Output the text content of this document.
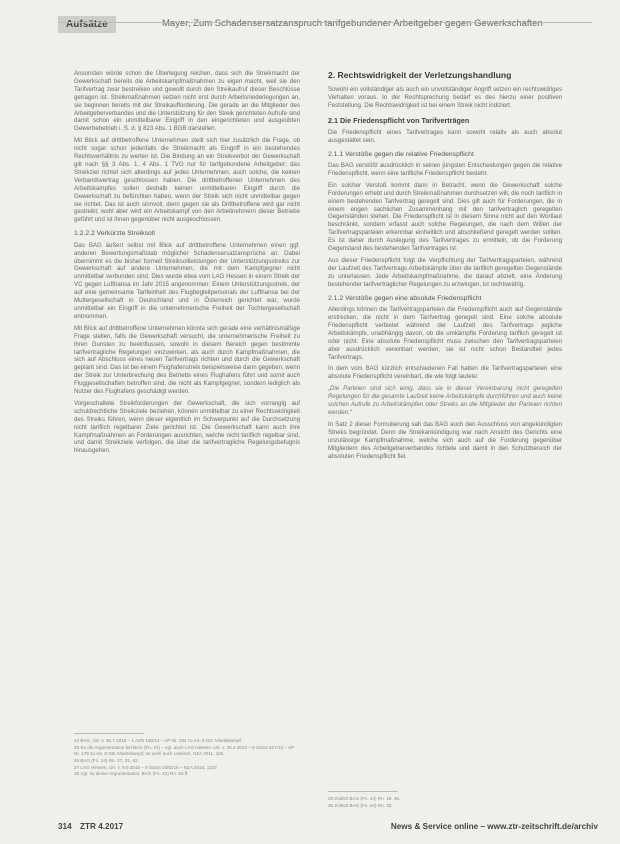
Aufsätze	Mayer, Zum Schadensersatzanspruch tarifgebundener Arbeitgeber gegen Gewerkschaften

Ansonsten würde schon die Überlegung reichen, dass sich die Streikmacht der Gewerkschaft bereits die Arbeitskampfmaßnahmen zu eigen macht, weil sie den Tarifvertrag zwar bestreiken und gewollt durch den Streikaufruf dieser Beschlüsse getragen ist. Streikmaßnahmen setzen nicht erst durch Arbeitsniederlegungen an, sie beginnen bereits mit der Streikaufforderung. Die gerade an die Mitglieder des Arbeitgeberverbandes und die Unterstützung für den Streik gerichteten Aufrufe sind damit schon ein unmittelbarer Eingriff in den eingerichteten und ausgeübten Gewerbebetrieb i. S. d. § 823 Abs. 1 BGB darstellen.

Mit Blick auf drittbetroffene Unternehmen stellt sich hier zusätzlich die Frage, ob nicht sogar schon jedenfalls die Streikmacht als Eingriff in ein bestehendes Rechtsverhältnis zu werten ist. Die Bindung an ein Streikverbot der Gewerkschaft gilt nach §§ 3 Abs. 1, 4 Abs. 1 TVG nur für tarifgebundene Arbeitgeber; das Streikziel richtet sich allerdings auf jedes Unternehmen, auch solche, die keinen Verbandsvertrag geschlossen haben. Die drittbetroffenen Unternehmen des Arbeitskampfes sollen deshalb keinen unmittelbaren Eingriff durch die Gewerkschaft zu befürchten haben, wenn der Streik sich nicht unmittelbar gegen sie richtet. Das ist auch sinnvoll, denn gegen sie als Drittbetroffene wird gar nicht gestreikt; wohl aber wird ein Arbeitskampf von den Arbeitnehmern dieser Betriebe geführt und ist ihnen gegenüber nicht ausgeschlossen.

1.2.2.2 Verkürzte Streiksoll

Das BAG äußert selbst mit Blick auf drittbetroffene Unternehmen einen ggf. anderen Bewertungsmaßstab möglicher Schadensersatzansprüche an. Dabei übernimmt es die bisher formell Streiksollleistungen der Unterstützungsstreiks zur Gewerkschaft auf andere Unternehmen, die mit dem Kampfgegner nicht unmittelbar verbunden sind. Dies wurde etwa vom LAG Hessen in einem Streik der VC gegen Lufthansa im Jahr 2015 angenommen: Einem Unterstützungsstreik, der auf eine gemeinsame Tarifeinheit des Flugbegleitpersonals der Lufthansa bei der Muttergesellschaft in Deutschland und in Österreich gerichtet war, wurde unmittelbar ein Eingriff in die unternehmerische Freiheit der Tochtergesellschaft entnommen.

Mit Blick auf drittbetroffene Unternehmen könnte sich gerade eine verhältnismäßige Frage stellen, falls die Gewerkschaft versucht, die unternehmerische Freiheit zu ihren Gunsten zu beeinflussen, sowohl in diesem Bereich gegen bestimmte tarifvertragliche Regelungen einzuwirken, als auch durch Kampfmaßnahmen, die sich auf Abschluss eines neuen Tarifvertrags richten und durch die Gewerkschaft geplant sind. Das ist bei einem Flughafenstreik beispielsweise dann gegeben, wenn der Streik zur Unterbrechung des Betriebs eines Flughafens führt und somit auch Fluggesellschaften betroffen sind, die nicht als Kampfgegner, sondern lediglich als Nutzer des Flughafens geschädigt werden.

Vorgeschaltete Streikforderungen der Gewerkschaft, die sich vorrangig auf schuldrechtliche Streikziele beziehen, können unmittelbar zu einer Rechtswidrigkeit des Streiks führen, wenn dieser eigentlich im Schwerpunkt auf die Durchsetzung nicht tariflich regelbarer Ziele gerichtet ist. Die Gewerkschaft kann auch ihre Kampfmaßnahmen an Forderungen ausrichten, welche nicht tariflich regelbar sind, und damit Streikziele verfolgen, die über die tarifvertragliche Regelungsbefugnis hinausgehen.

24 BAG, Urt. v. 26.7.2016 – 1 AZR 160/14 – AP Nr. 184 zu Art. 9 GG Arbeitskampf.
25 So die Argumentation bei BAG (Fn. 24) – vgl. auch LAG Hessen, Urt. v. 25.4.2013 – 9 SaGa 527/13 – AP Nr. 179 zu Art. 9 GG Arbeitskampf; so wohl auch Löwisch, NZA 2011, 105.
26 BAG (Fn. 24) Rn. 27, 31, 62.
27 LAG Hessen, Urt. v. 9.9.2015 – 9 SaGa 1082/15 – NZA 2015, 1337.
28 Vgl. zu dieser Argumentation: BAG (Fn. 24) Rn. 52 ff.
2. Rechtswidrigkeit der Verletzungshandlung

Sowohl ein vollständiger als auch ein unvollständiger Angriff setzen ein rechtswidriges Verhalten voraus. In der Rechtsprechung bedarf es des hierzu einer positiven Feststellung. Die Rechtswidrigkeit ist bei einem Streik nicht indiziert.

2.1 Die Friedenspflicht von Tarifverträgen

Die Friedenspflicht eines Tarifvertrages kann sowohl relativ als auch absolut ausgestaltet sein.

2.1.1 Verstöße gegen die relative Friedenspflicht

Das BAG verstößt ausdrücklich in seinen jüngsten Entscheidungen gegen die relative Friedenspflicht, wenn eine tarifliche Friedenspflicht besteht.

Ein solcher Verstoß kommt dann in Betracht, wenn die Gewerkschaft solche Forderungen erhebt und durch Streikmaßnahmen durchsetzen will, die noch tariflich in einem bestehenden Tarifvertrag geregelt sind. Dies gilt auch für Forderungen, die in einem engen sachlichen Zusammenhang mit den tarifvertraglich geregelten Gegenständen stehen. Die Friedenspflicht ist in diesem Sinne nicht auf den Wortlaut beschränkt, sondern erfasst auch solche Regelungen, die nach dem Willen der Tarifvertragsparteien erkennbar einheitlich und abschließend geregelt werden sollten. Es ist daher durch Auslegung des Tarifvertrages zu ermitteln, ob die Forderung Gegenstand des bestehenden Tarifvertrages ist.

Aus dieser Friedenspflicht folgt die Verpflichtung der Tarifvertragsparteien, während der Laufzeit des Tarifvertrags Arbeitskämpfe über die tariflich geregelten Gegenstände zu unterlassen. Jede Arbeitskampfmaßnahme, die darauf abzielt, eine Änderung bestehender tarifvertraglicher Regelungen zu erzwingen, ist rechtswidrig.

2.1.2 Verstöße gegen eine absolute Friedenspflicht

Allerdings können die Tarifvertragsparteien die Friedenspflicht auch auf Gegenstände erstrecken, die nicht in dem Tarifvertrag geregelt sind. Eine solche absolute Friedenspflicht verbietet während der Laufzeit des Tarifvertrags jegliche Arbeitskämpfe, unabhängig davon, ob die umkämpfte Forderung tariflich geregelt ist oder nicht. Eine absolute Friedenspflicht muss zwischen den Tarifvertragsparteien aber ausdrücklich vereinbart werden; sie ist nicht schon Bestandteil jedes Tarifvertrags.

In dem vom BAG kürzlich entschiedenen Fall hatten die Tarifvertragsparteien eine absolute Friedenspflicht vereinbart, die wie folgt lautete:

„Die Parteien sind sich einig, dass sie in dieser Vereinbarung nicht geregelten Regelungen für die gesamte Laufzeit keine Arbeitskämpfe durchführen und auch keine solchen Aufrufe zu Arbeitskämpfen oder Streiks an die Mitglieder der Parteien richten werden.“

In Satz 2 dieser Formulierung sah das BAG auch den Ausschluss von angekündigten Streiks begründet. Denn die Streikankündigung war nach Ansicht des Gerichts eine unzulässige Kampfmaßnahme, welche sich auch auf die Forderung gegenüber Mitgliedern des Arbeitgeberverbandes richtete und damit in den Schutzbereich der absoluten Friedenspflicht fiel.

29 Zuletzt BAG (Fn. 24) Rn. 19, 26.
30 Zuletzt BAG (Fn. 24) Rn. 33.
314 ZTR 4.2017	News & Service online – www.ztr-zeitschrift.de/archiv
